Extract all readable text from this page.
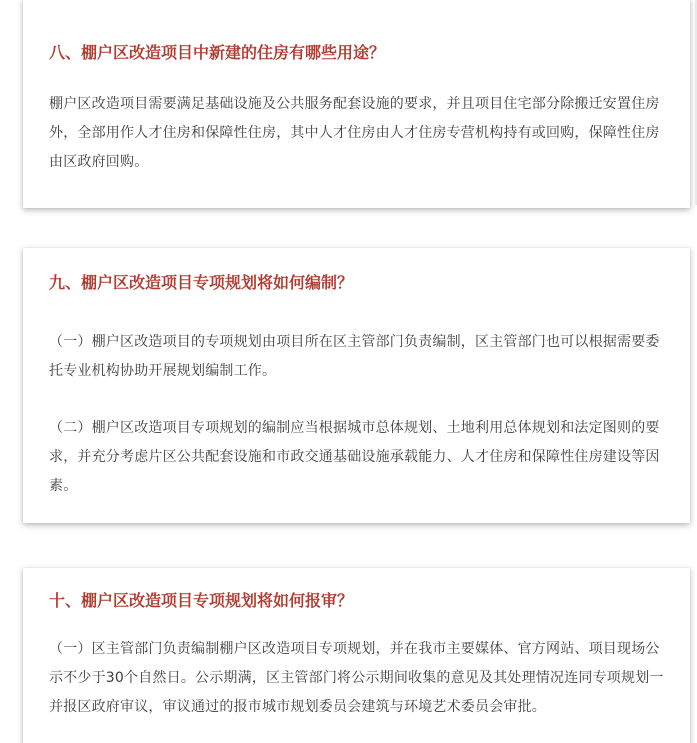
八、棚户区改造项目中新建的住房有哪些用途？

棚户区改造项目需要满足基础设施及公共服务配套设施的要求，并且项目住宅部分除搬迁安置住房外，全部用作人才住房和保障性住房，其中人才住房由人才住房专营机构持有或回购，保障性住房由区政府回购。

九、棚户区改造项目专项规划将如何编制？

（一）棚户区改造项目的专项规划由项目所在区主管部门负责编制，区主管部门也可以根据需要委托专业机构协助开展规划编制工作。

（二）棚户区改造项目专项规划的编制应当根据城市总体规划、土地利用总体规划和法定图则的要求，并充分考虑片区公共配套设施和市政交通基础设施承载能力、人才住房和保障性住房建设等因素。

十、棚户区改造项目专项规划将如何报审？

（一）区主管部门负责编制棚户区改造项目专项规划，并在我市主要媒体、官方网站、项目现场公示不少于30个自然日。公示期满，区主管部门将公示期间收集的意见及其处理情况连同专项规划一并报区政府审议，审议通过的报市城市规划委员会建筑与环境艺术委员会审批。
